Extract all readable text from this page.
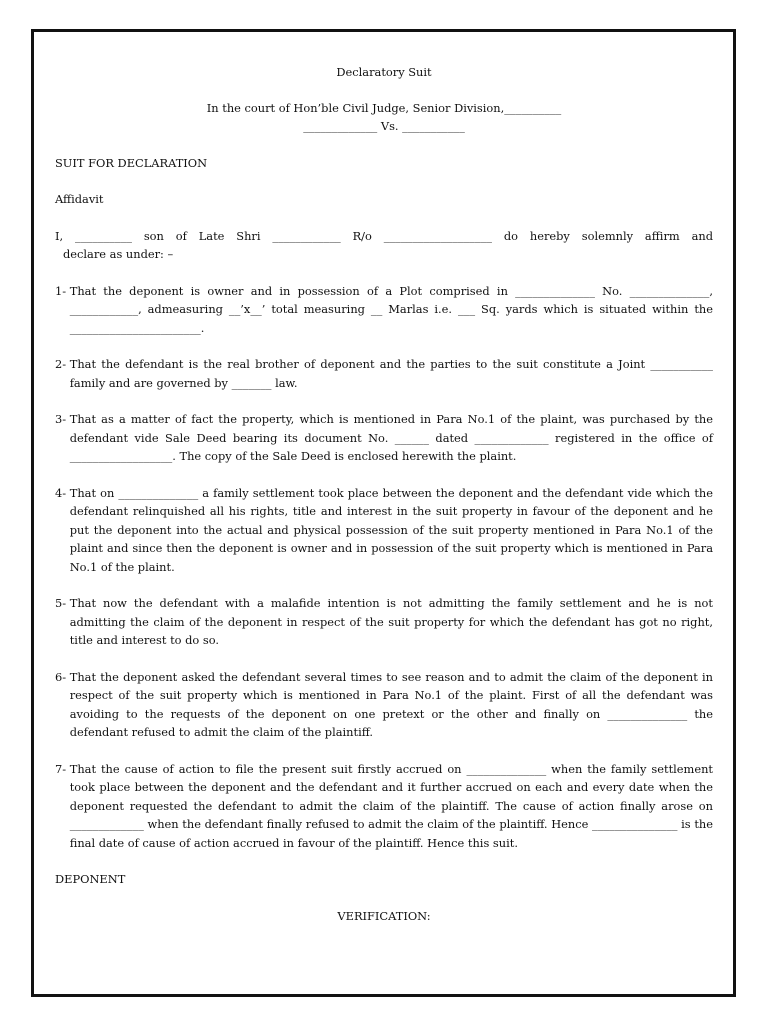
Declaratory Suit
In the court of Hon’ble Civil Judge, Senior Division,__________
_____________ Vs. ___________
SUIT FOR DECLARATION
Affidavit
I, __________ son of Late Shri ____________ R/o ___________________ do hereby solemnly affirm and
declare as under: –
1- That the deponent is owner and in possession of a Plot comprised in ______________ No. ______________, ____________, admeasuring __’x__’ total measuring __ Marlas i.e. ___ Sq. yards which is situated within the _______________________.
2- That the defendant is the real brother of deponent and the parties to the suit constitute a Joint ___________ family and are governed by _______ law.
3- That as a matter of fact the property, which is mentioned in Para No.1 of the plaint, was purchased by the defendant vide Sale Deed bearing its document No. ______ dated _____________ registered in the office of __________________. The copy of the Sale Deed is enclosed herewith the plaint.
4- That on ______________ a family settlement took place between the deponent and the defendant vide which the defendant relinquished all his rights, title and interest in the suit property in favour of the deponent and he put the deponent into the actual and physical possession of the suit property mentioned in Para No.1 of the plaint and since then the deponent is owner and in possession of the suit property which is mentioned in Para No.1 of the plaint.
5- That now the defendant with a malafide intention is not admitting the family settlement and he is not admitting the claim of the deponent in respect of the suit property for which the defendant has got no right, title and interest to do so.
6- That the deponent asked the defendant several times to see reason and to admit the claim of the deponent in respect of the suit property which is mentioned in Para No.1 of the plaint. First of all the defendant was avoiding to the requests of the deponent on one pretext or the other and finally on ______________ the defendant refused to admit the claim of the plaintiff.
7- That the cause of action to file the present suit firstly accrued on ______________ when the family settlement took place between the deponent and the defendant and it further accrued on each and every date when the deponent requested the defendant to admit the claim of the plaintiff. The cause of action finally arose on _____________ when the defendant finally refused to admit the claim of the plaintiff. Hence _______________ is the final date of cause of action accrued in favour of the plaintiff. Hence this suit.
DEPONENT
VERIFICATION:
